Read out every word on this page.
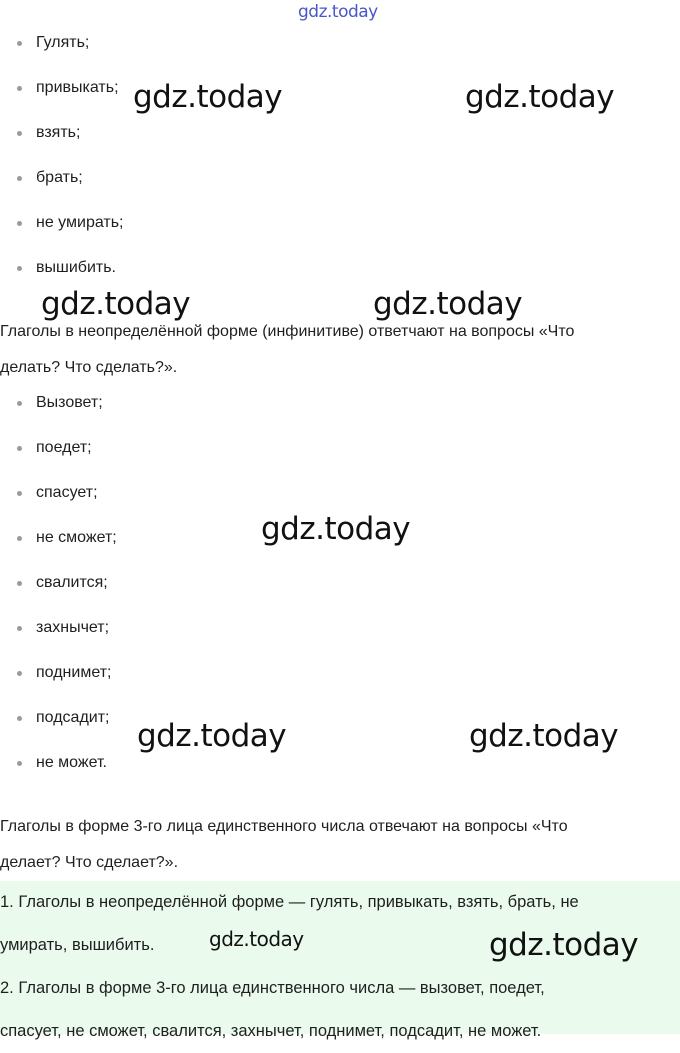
gdz.today
Гулять;
привыкать;
взять;
брать;
не умирать;
вышибить.
Глаголы в неопределённой форме (инфинитиве) ответчают на вопросы «Что
делать? Что сделать?».
Вызовет;
поедет;
спасует;
не сможет;
свалится;
захнычет;
поднимет;
подсадит;
не может.
Глаголы в форме 3-го лица единственного числа отвечают на вопросы «Что
делает? Что сделает?».

1. Глаголы в неопределённой форме — гулять, привыкать, взять, брать, не

умирать, вышибить.

2. Глаголы в форме 3-го лица единственного числа — вызовет, поедет,

спасует, не сможет, свалится, захнычет, поднимет, подсадит, не может.

gdz.today	gdz.today
gdz.today	gdz.today
gdz.today
gdz.today	gdz.today
gdz.today	gdz.today
